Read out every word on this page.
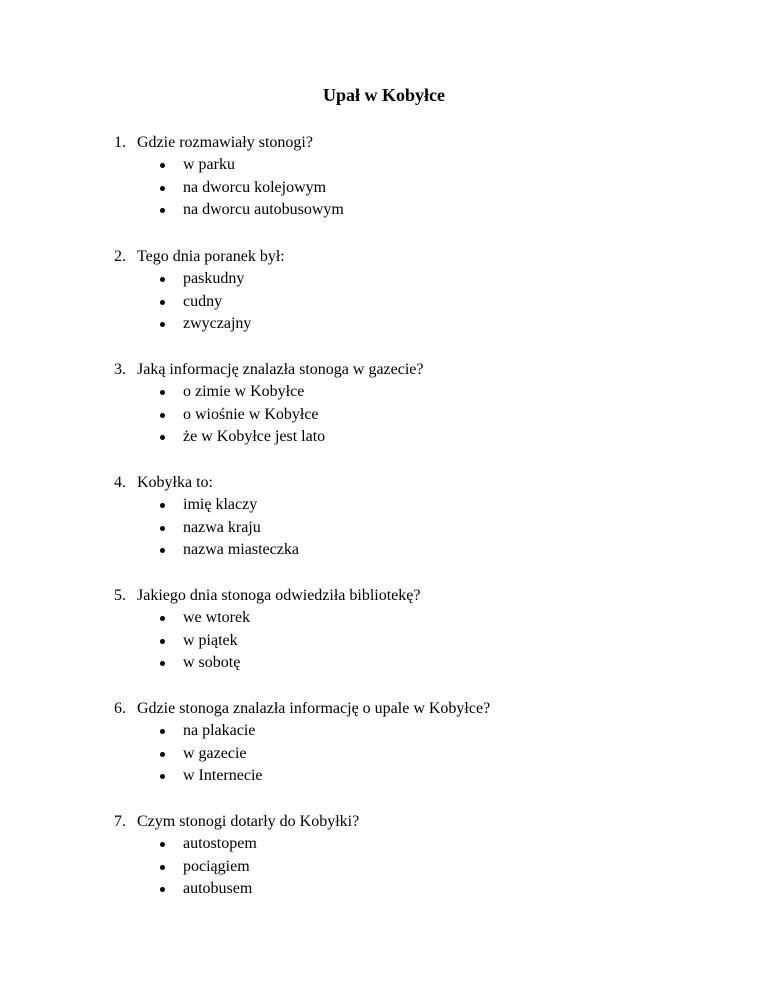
Upał w Kobyłce
1. Gdzie rozmawiały stonogi?
w parku
na dworcu kolejowym
na dworcu autobusowym
2. Tego dnia poranek był:
paskudny
cudny
zwyczajny
3. Jaką informację znalazła stonoga w gazecie?
o zimie w Kobyłce
o wiośnie w Kobyłce
że w Kobyłce jest lato
4. Kobyłka to:
imię klaczy
nazwa kraju
nazwa miasteczka
5. Jakiego dnia stonoga odwiedziła bibliotekę?
we wtorek
w piątek
w sobotę
6. Gdzie stonoga znalazła informację o upale w Kobyłce?
na plakacie
w gazecie
w Internecie
7. Czym stonogi dotarły do Kobyłki?
autostopem
pociągiem
autobusem
